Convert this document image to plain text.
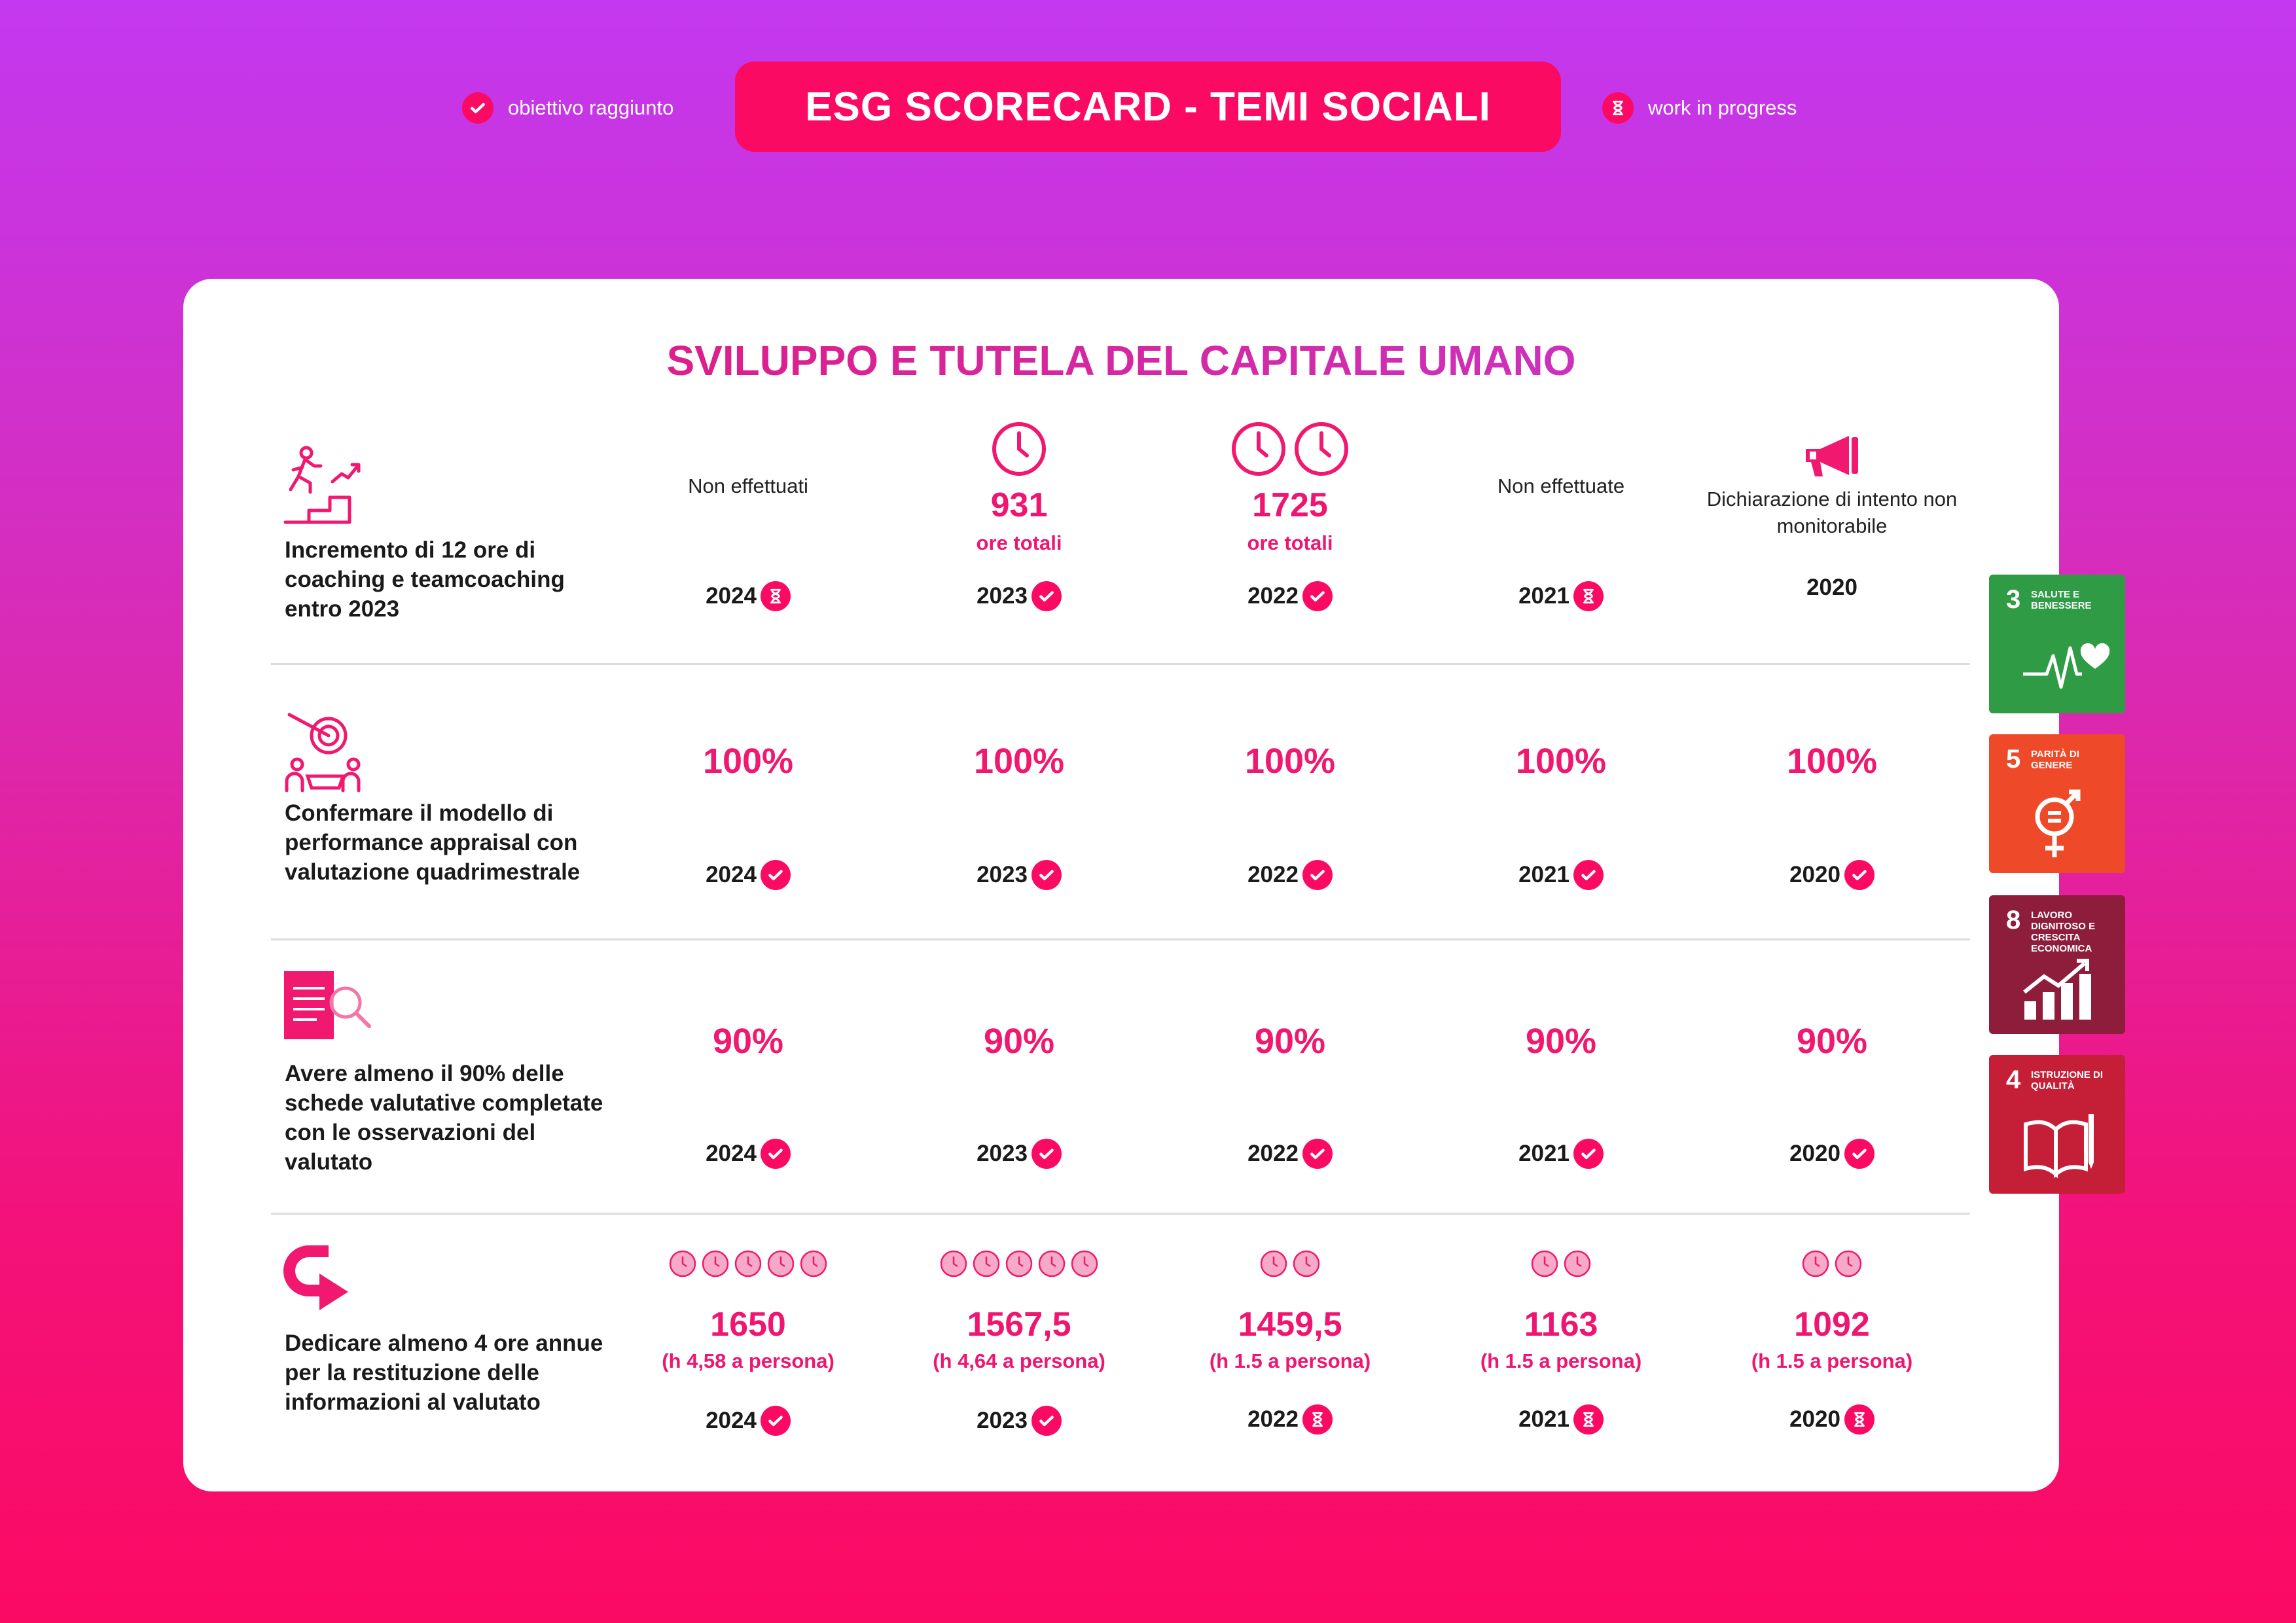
obiettivo raggiunto	ESG SCORECARD - TEMI SOCIALI	work in progress
SVILUPPO E TUTELA DEL CAPITALE UMANO
Incremento di 12 ore di coaching e teamcoaching entro 2023
Non effettuati
2024
931
ore totali
2023
1725
ore totali
2022
Non effettuate
2021
Dichiarazione di intento non monitorabile
2020
Confermare il modello di performance appraisal con valutazione quadrimestrale
100%
2024
100%
2023
100%
2022
100%
2021
100%
2020
Avere almeno il 90% delle schede valutative completate con le osservazioni del valutato
90%
2024
90%
2023
90%
2022
90%
2021
90%
2020
Dedicare almeno 4 ore annue per la restituzione delle informazioni al valutato
1650
(h 4,58 a persona)
2024
1567,5
(h 4,64 a persona)
2023
1459,5
(h 1.5 a persona)
2022
1163
(h 1.5 a persona)
2021
1092
(h 1.5 a persona)
2020
3 SALUTE E BENESSERE
5 PARITÀ DI GENERE
8 LAVORO DIGNITOSO E CRESCITA ECONOMICA
4 ISTRUZIONE DI QUALITÀ
